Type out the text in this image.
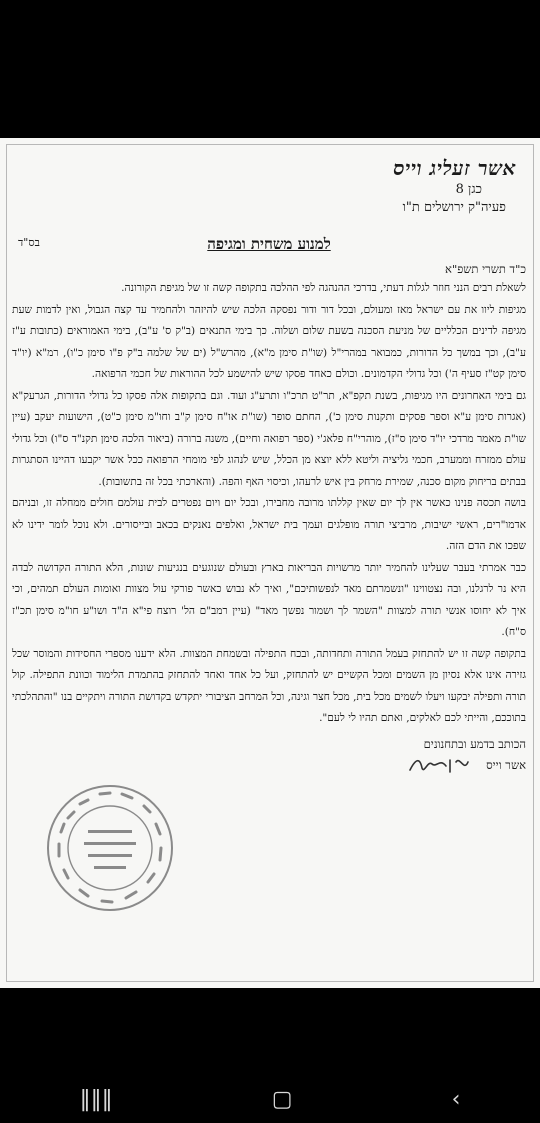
אשר זעליג וייס
כגן 8
פעיה"ק ירושלים ת"ו
בס"ד	למנוע משחית ומגיפה
כ"ד תשרי תשפ"א

לשאלת רבים הנני חוזר לגלות דעתי, בדרכי ההנהגה לפי ההלכה בתקופה קשה זו של מגיפת הקורונה.

מגיפות ליוו את עם ישראל מאז ומעולם, ובכל דור ודור נפסקה הלכה שיש להיזהר ולהחמיר עד קצה הגבול, ואין לדמות שעת מגיפה לדינים הכלליים של מניעת הסכנה בשעת שלום ושלוה. כך בימי התנאים (ב"ק ס' ע"ב), בימי האמוראים (כתובות ע"ז ע"ב), וכך במשך כל הדורות, כמבואר במהרי"ל (שו"ת סימן מ"א), מהרש"ל (ים של שלמה ב"ק פ"ו סימן כ"ו), רמ"א (יו"ד סימן קט"ז סעיף ה') וכל גדולי הקדמונים. וכולם כאחד פסקו שיש להישמע לכל ההוראות של חכמי הרפואה.

גם בימי האחרונים היו מגיפות, בשנת תקפ"א, תר"ט תרכ"ו ותרע"ג ועוד. וגם בתקופות אלה פסקו כל גדולי הדורות, הגרעק"א (אגרות סימן ע"א וספר פסקים ותקנות סימן כ'), החתם סופר (שו"ת או"ח סימן ק"ב וחו"מ סימן כ"ט), הישועות יעקב (עיין שו"ת מאמר מרדכי יו"ד סימן ס"ז), מוהרי"ח פלאג'י (ספר רפואה וחיים), משנה ברורה (ביאור הלכה סימן תקנ"ד ס"ו) וכל גדולי עולם ממזרח וממערב, חכמי גליציה וליטא ללא יוצא מן הכלל, שיש לנהוג לפי מומחי הרפואה ככל אשר יקבעו דהיינו הסתגרות בבתים בריחוק מקום סכנה, שמירת מרחק בין איש לרעהו, וכיסוי האף והפה. (והארכתי בכל זה בתשובות).

בושה תכסה פנינו כאשר אין לך יום שאין קללתו מרובה מחבירו, ובכל יום ויום נפטרים לבית עולמם חולים ממחלה זו, ובניהם אדמו"רים, ראשי ישיבות, מרביצי תורה מופלגים ועמך בית ישראל, ואלפים נאנקים בכאב ובייסורים. ולא נוכל לומר ידינו לא שפכו את הדם הזה.

כבר אמרתי בעבר שעלינו להחמיר יותר מרשויות הבריאות בארץ ובעולם שנוגעים בנגיעות שונות, הלא התורה הקדושה לבדה היא נר לרגלנו, ובה נצטווינו "ונשמרתם מאד לנפשותיכם", ואיך לא נבוש כאשר פורקי עול מצוות ואומות העולם תמהים, וכי איך לא יחוסו אנשי תורה למצוות "השמר לך ושמור נפשך מאד" (עיין רמב"ם הל' רוצח פי"א ה"ד ושו"ע חו"מ סימן תכ"ז ס"ח).

בתקופה קשה זו יש להתחזק בעמל התורה ותחדותה, ובכח התפילה ובשמחת המצוות. הלא ידענו מספרי החסידות והמוסר שכל גזירה אינו אלא נסיון מן השמים ומכל הקשיים יש להתחזק, ועל כל אחד ואחד להתחזק בהתמדת הלימוד וכוונת התפילה. קול תורה ותפילה יבקעו ויעלו לשמים מכל בית, מכל חצר וגינה, וכל המרחב הציבורי יתקדש בקדושת התורה ויתקיים בנו "והתהלכתי בתוככם, והייתי לכם לאלקים, ואתם תהיו לי לעם".

הכותב בדמע ובתחנונים
אשר וייס
‖‖‖	▢	‹
